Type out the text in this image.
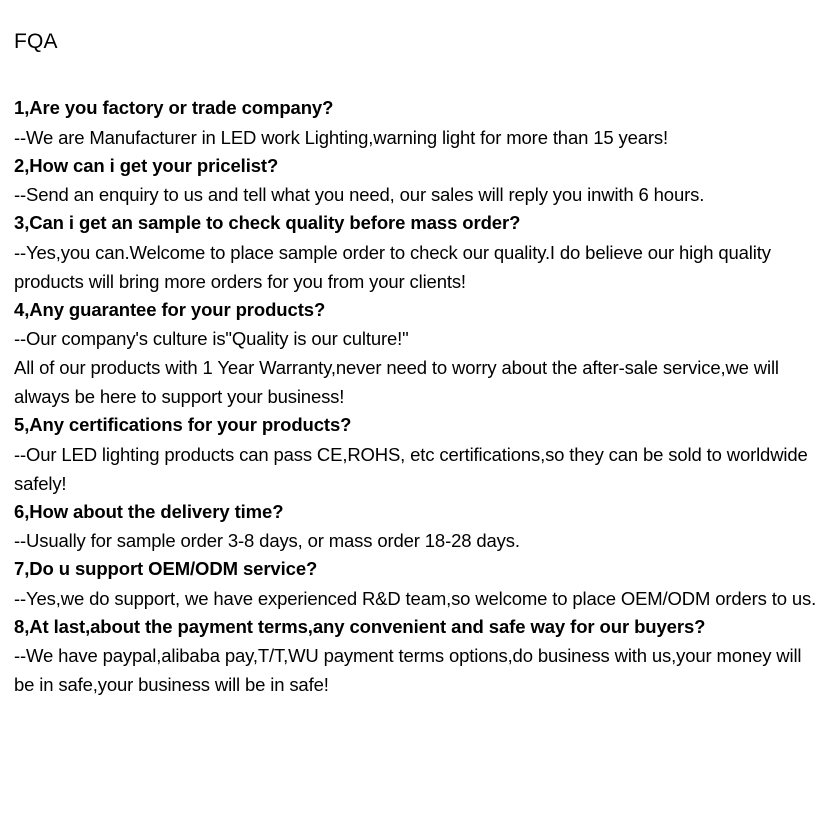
FQA

1,Are you factory or trade company?

--We are Manufacturer in LED work Lighting,warning light for more than 15 years!

2,How can i get your pricelist?

--Send an enquiry to us and tell what you need, our sales will reply you inwith 6 hours.

3,Can i get an sample to check quality before mass order?

--Yes,you can.Welcome to place sample order to check our quality.I do believe our high quality products will bring more orders for you from your clients!

4,Any guarantee for your products?

--Our company's culture is"Quality is our culture!"

All of our products with 1 Year Warranty,never need to worry about the after-sale service,we will always be here to support your business!

5,Any certifications for your products?

--Our LED lighting products can pass CE,ROHS, etc certifications,so they can be sold to worldwide safely!

6,How about the delivery time?

--Usually for sample order 3-8 days, or mass order 18-28 days.

7,Do u support OEM/ODM service?

--Yes,we do support, we have experienced R&D team,so welcome to place OEM/ODM orders to us.

8,At last,about the payment terms,any convenient and safe way for our buyers?

--We have paypal,alibaba pay,T/T,WU payment terms options,do business with us,your money will be in safe,your business will be in safe!
